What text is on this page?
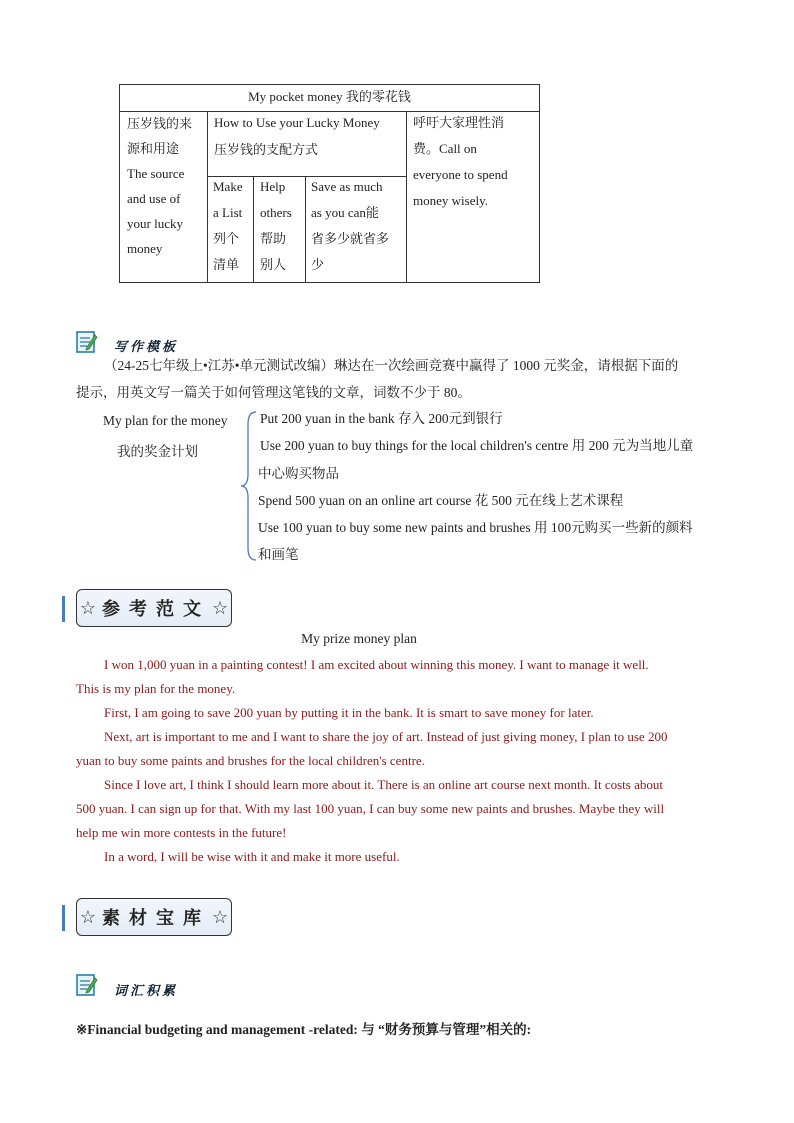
My pocket money 我的零花钱
压岁钱的来
源和用途
The source
and use of
your lucky
money
How to Use your Lucky Money
压岁钱的支配方式
Make
a List
列个
清单
Help
others
帮助
别人
Save as much
as you can能
省多少就省多
少
呼吁大家理性消
费。Call on
everyone to spend
money wisely.
写作模板
（24-25七年级上•江苏•单元测试改编）琳达在一次绘画竞赛中赢得了 1000 元奖金，请根据下面的
提示，用英文写一篇关于如何管理这笔钱的文章，词数不少于 80。
My plan for the money
我的奖金计划
Put 200 yuan in the bank 存入 200元到银行
Use 200 yuan to buy things for the local children's centre 用 200 元为当地儿童
中心购买物品
Spend 500 yuan on an online art course 花 500 元在线上艺术课程
Use 100 yuan to buy some new paints and brushes 用 100元购买一些新的颜料
和画笔
☆ 参考范文 ☆
My prize money plan

I won 1,000 yuan in a painting contest! I am excited about winning this money. I want to manage it well.

This is my plan for the money.

First, I am going to save 200 yuan by putting it in the bank. It is smart to save money for later.

Next, art is important to me and I want to share the joy of art. Instead of just giving money, I plan to use 200

yuan to buy some paints and brushes for the local children's centre.

Since I love art, I think I should learn more about it. There is an online art course next month. It costs about

500 yuan. I can sign up for that. With my last 100 yuan, I can buy some new paints and brushes. Maybe they will

help me win more contests in the future!

In a word, I will be wise with it and make it more useful.

☆ 素材宝库 ☆
词汇积累
※Financial budgeting and management -related: 与 “财务预算与管理”相关的:
